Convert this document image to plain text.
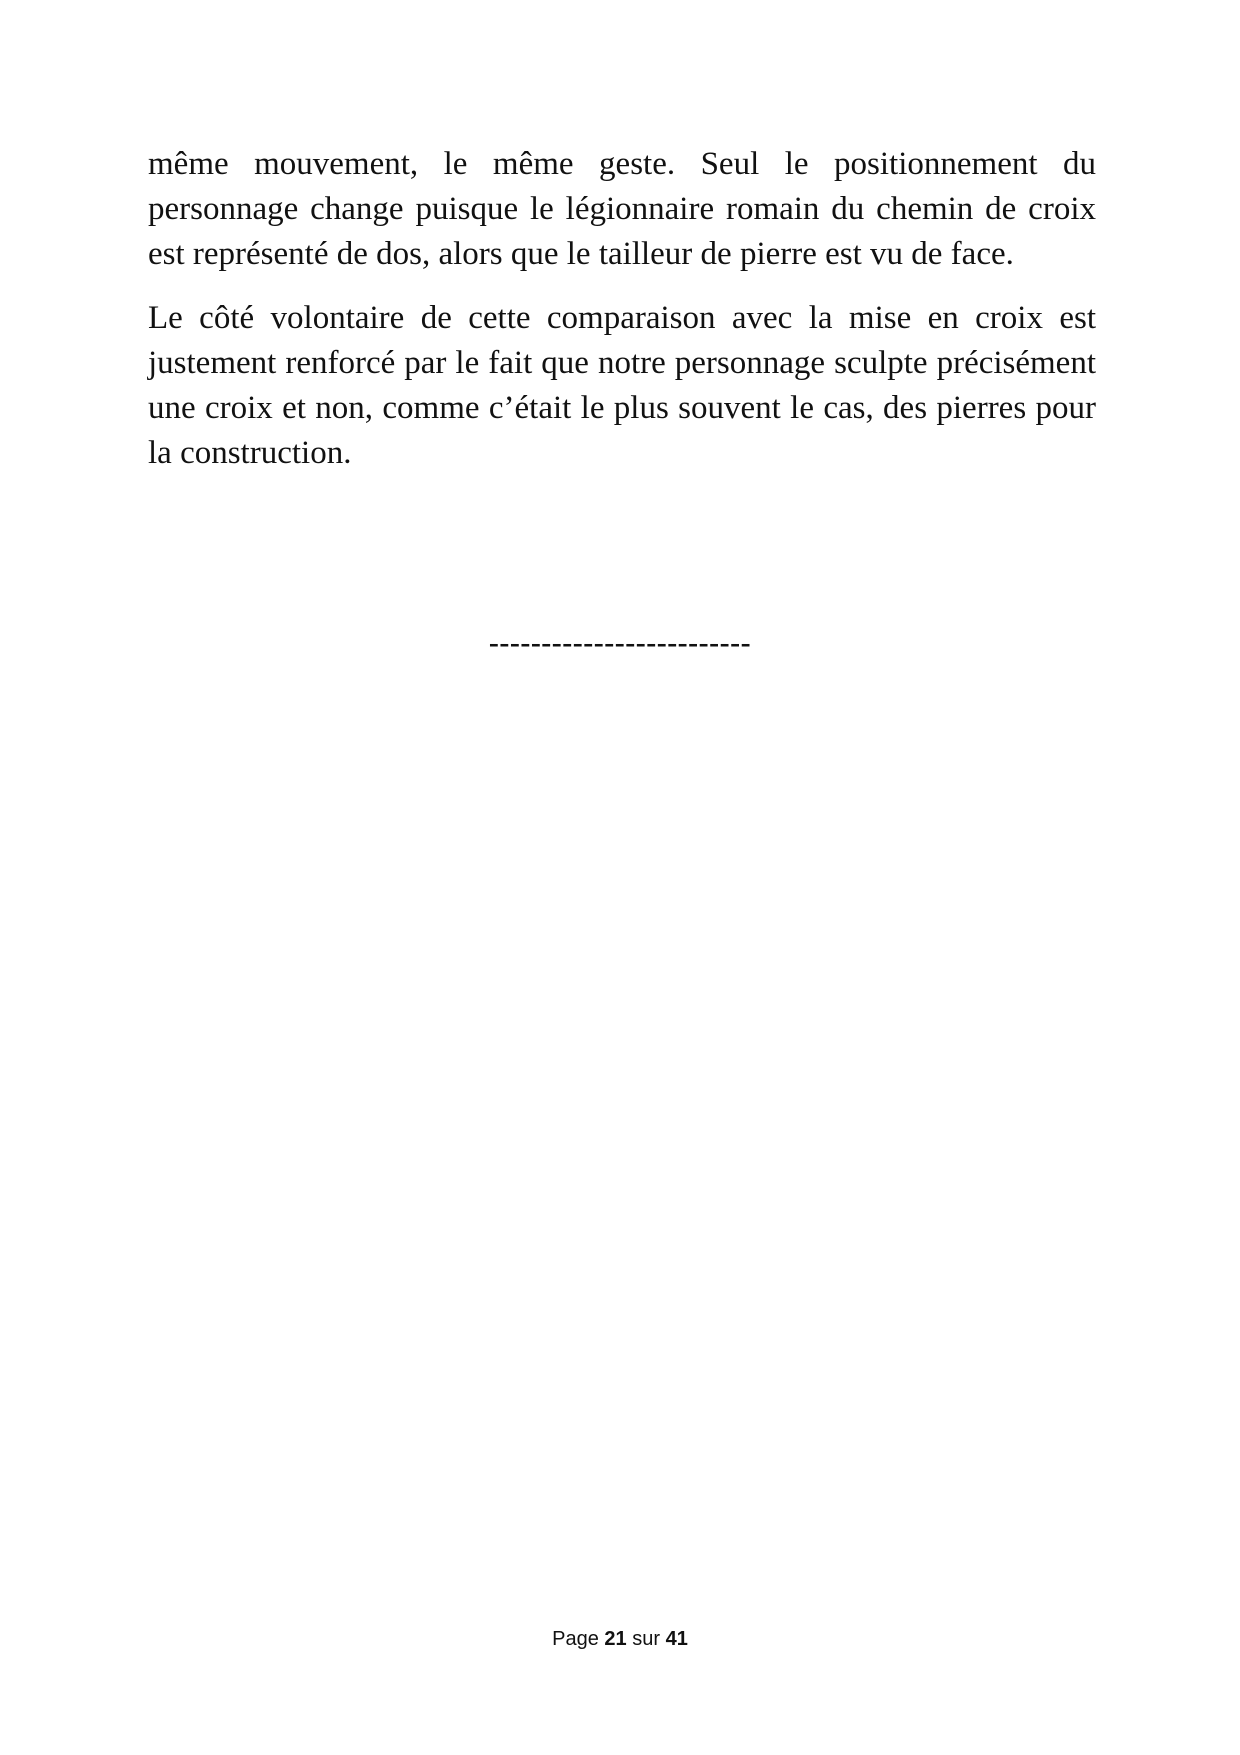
même mouvement, le même geste. Seul le positionnement du personnage change puisque le légionnaire romain du chemin de croix est représenté de dos, alors que le tailleur de pierre est vu de face.

Le côté volontaire de cette comparaison avec la mise en croix est justement renforcé par le fait que notre personnage sculpte précisément une croix et non, comme c’était le plus souvent le cas, des pierres pour la construction.

-------------------------
Page 21 sur 41
